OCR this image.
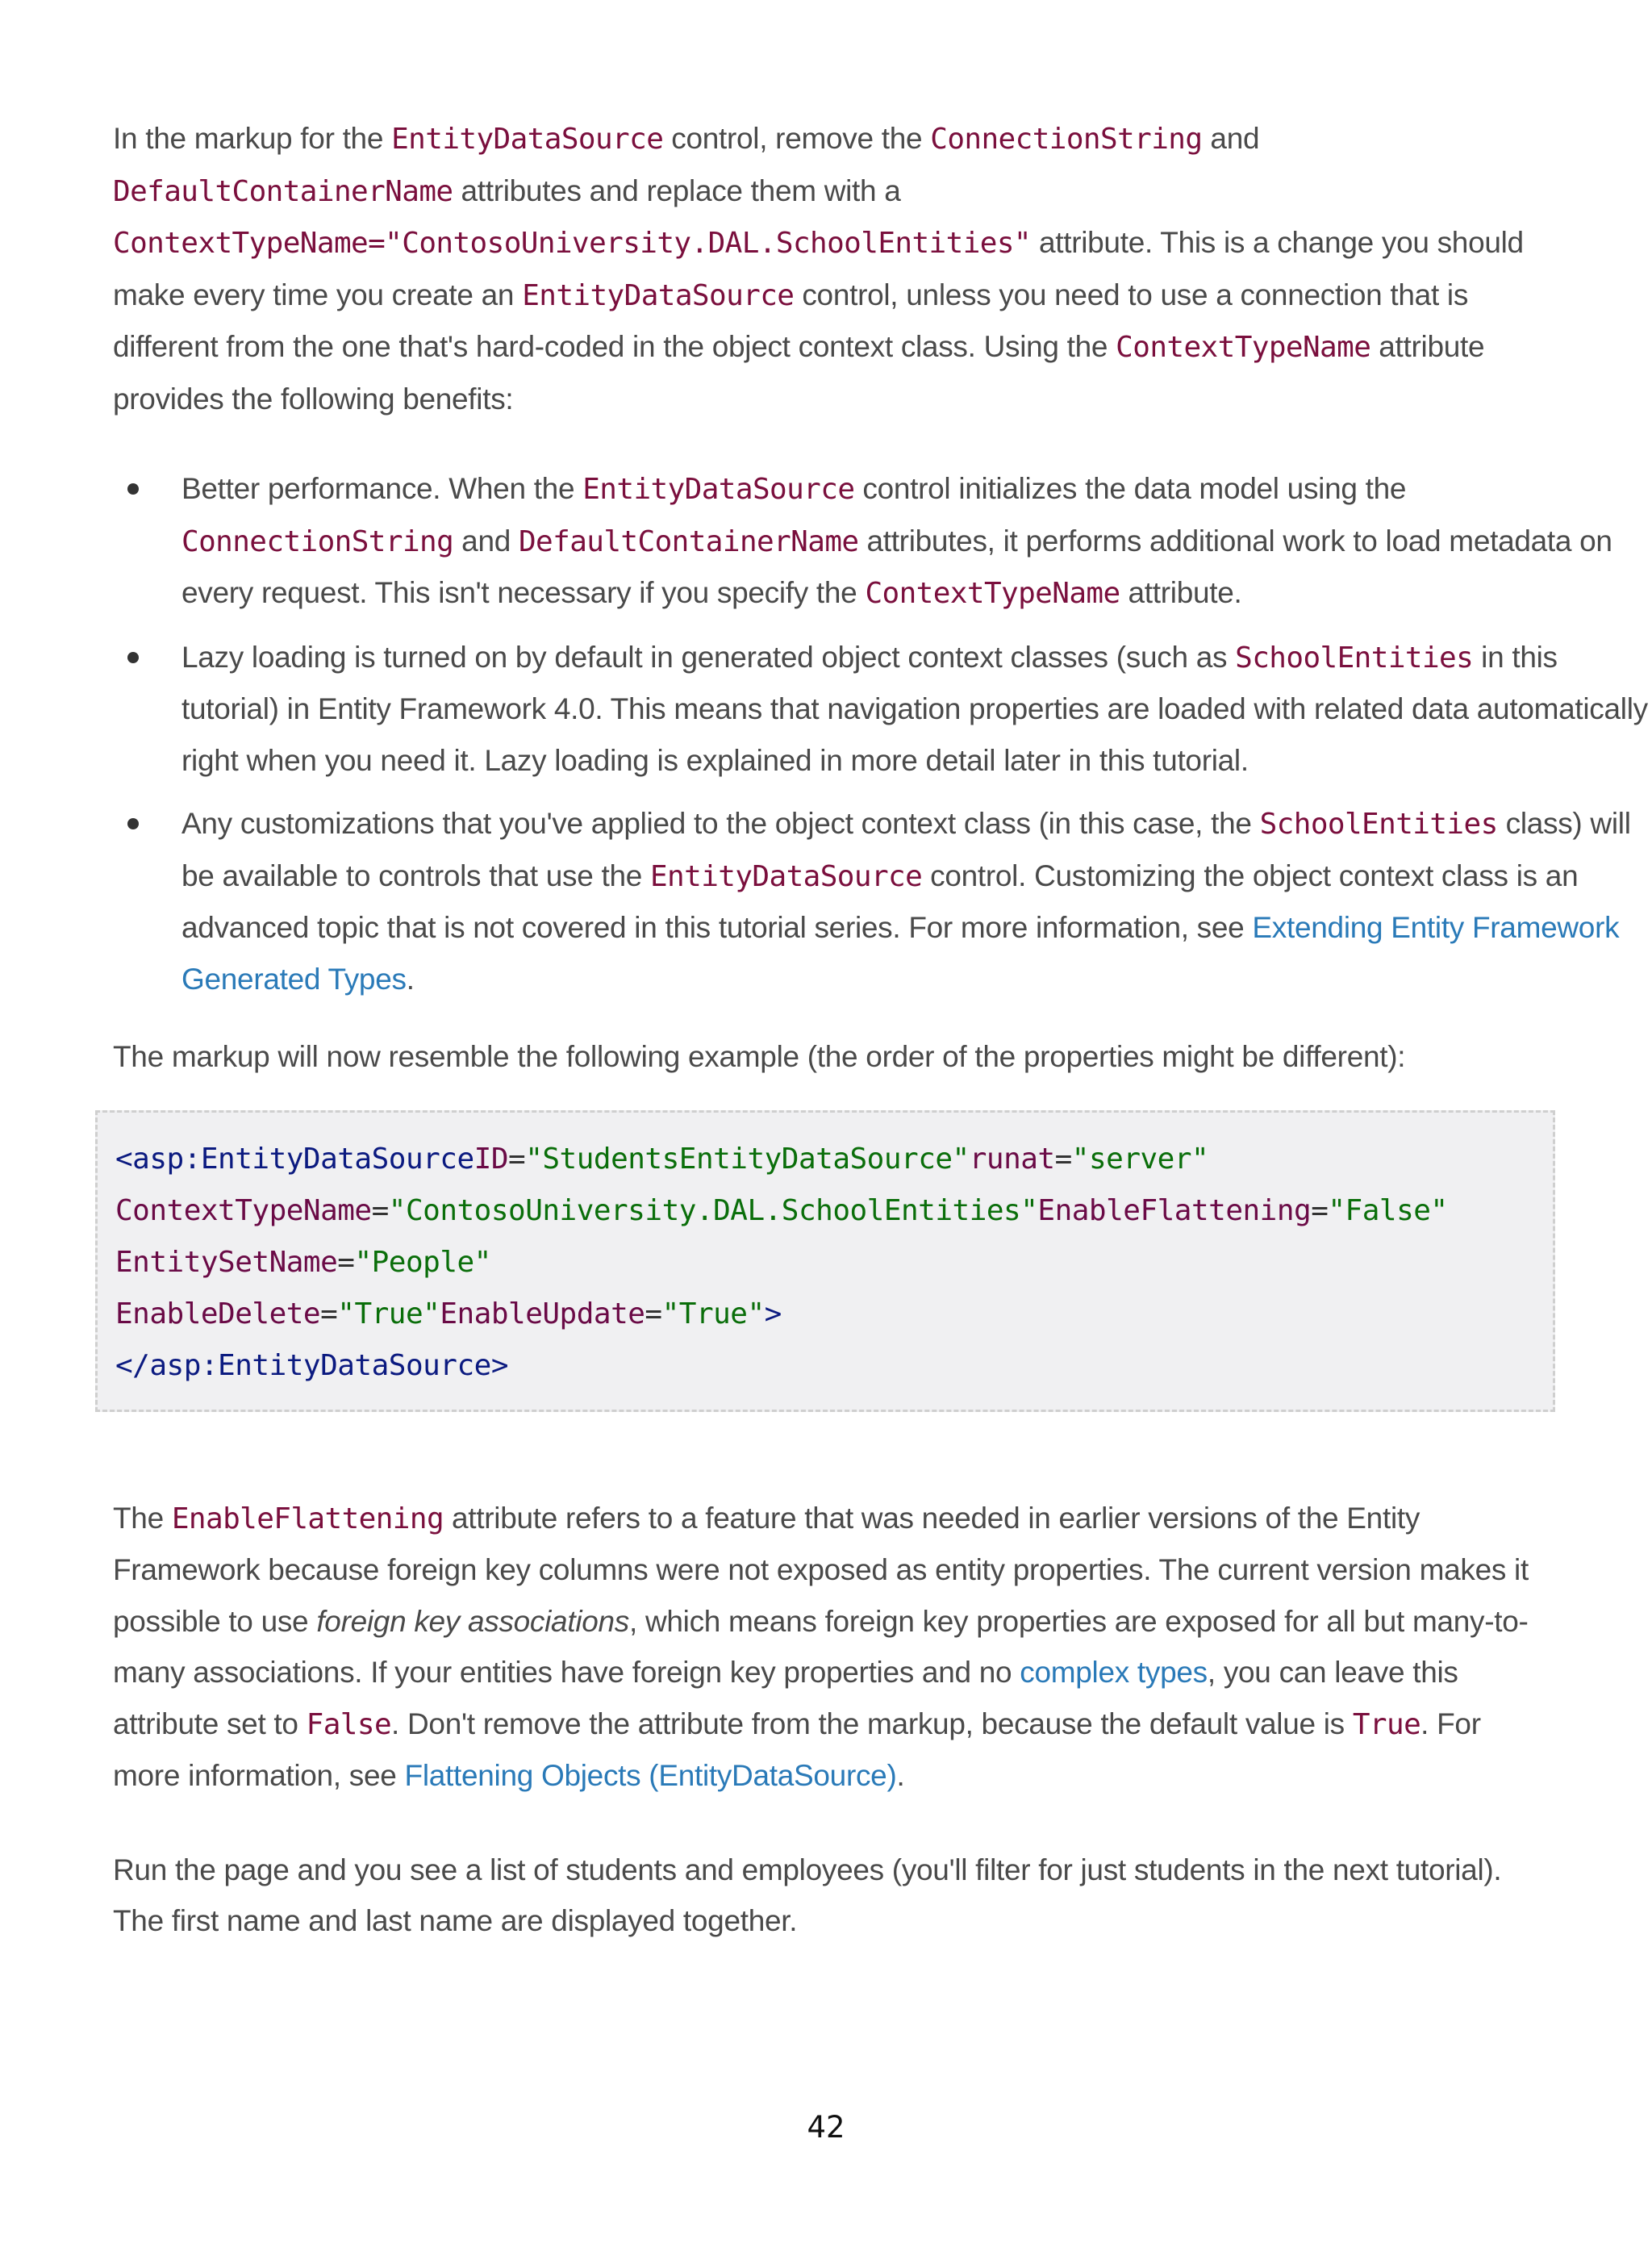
In the markup for the EntityDataSource control, remove the ConnectionString and DefaultContainerName attributes and replace them with a ContextTypeName="ContosoUniversity.DAL.SchoolEntities" attribute. This is a change you should make every time you create an EntityDataSource control, unless you need to use a connection that is different from the one that's hard-coded in the object context class. Using the ContextTypeName attribute provides the following benefits:

Better performance. When the EntityDataSource control initializes the data model using the ConnectionString and DefaultContainerName attributes, it performs additional work to load metadata on every request. This isn't necessary if you specify the ContextTypeName attribute.
Lazy loading is turned on by default in generated object context classes (such as SchoolEntities in this tutorial) in Entity Framework 4.0. This means that navigation properties are loaded with related data automatically right when you need it. Lazy loading is explained in more detail later in this tutorial.
Any customizations that you've applied to the object context class (in this case, the SchoolEntities class) will be available to controls that use the EntityDataSource control. Customizing the object context class is an advanced topic that is not covered in this tutorial series. For more information, see Extending Entity Framework Generated Types.

The markup will now resemble the following example (the order of the properties might be different):

<asp:EntityDataSourceID="StudentsEntityDataSource"runat="server"
ContextTypeName="ContosoUniversity.DAL.SchoolEntities"EnableFlattening="False"
EntitySetName="People"
EnableDelete="True"EnableUpdate="True">
</asp:EntityDataSource>

The EnableFlattening attribute refers to a feature that was needed in earlier versions of the Entity Framework because foreign key columns were not exposed as entity properties. The current version makes it possible to use foreign key associations, which means foreign key properties are exposed for all but many-to-many associations. If your entities have foreign key properties and no complex types, you can leave this attribute set to False. Don't remove the attribute from the markup, because the default value is True. For more information, see Flattening Objects (EntityDataSource).

Run the page and you see a list of students and employees (you'll filter for just students in the next tutorial). The first name and last name are displayed together.

42
